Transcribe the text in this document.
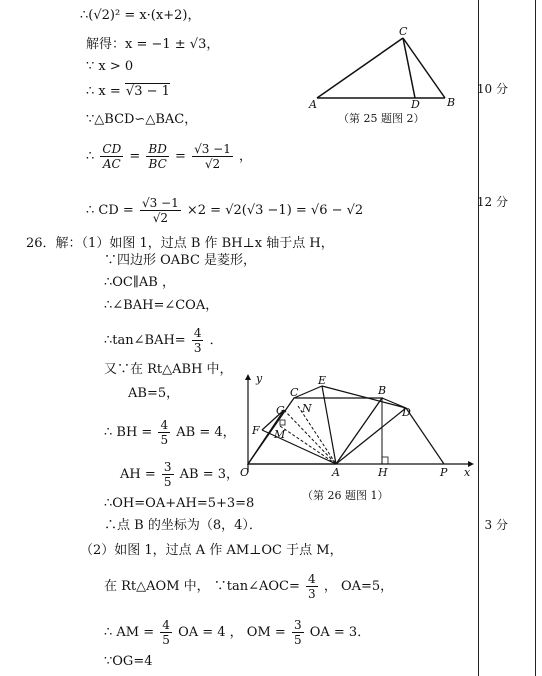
∴(√2)² = x·(x+2)，
解得：x = −1 ± √3，
∵ x > 0
∴ x = √3 − 1
∵△BCD∽△BAC，
∴ $\frac{CD}{AC} = \frac{BD}{BC} = \frac{√3 -1}{√2}$ ，
∴ CD = $\frac{√3 -1}{√2} \times 2 = √2(√3 -1) = √6 - √2$
10 分
12 分
3 分
A	B
C
D
（第 25 题图 2）
26．解：（1）如图 1，过点 B 作 BH⊥x 轴于点 H，
∵四边形 OABC 是菱形，
∴OC∥AB ，
∴∠BAH=∠COA，
∴tan∠BAH= $\frac{4}{3}$ ．
又∵在 Rt△ABH 中，
AB=5，
∴ BH = $\frac{4}{5}$ AB = 4，
AH = $\frac{3}{5}$ AB = 3，
∴OH=OA+AH=5+3=8
∴点 B 的坐标为（8，4）．
（2）如图 1，过点 A 作 AM⊥OC 于点 M，
在 Rt△AOM 中， ∵tan∠AOC= $\frac{4}{3}$ ， OA=5，
∴ AM = $\frac{4}{5}$ OA = 4 ， OM = $\frac{3}{5}$ OA = 3．
∵OG=4
y
x
O	A	H	P
B
C
E
D
F
G N
M
（第 26 题图 1）
